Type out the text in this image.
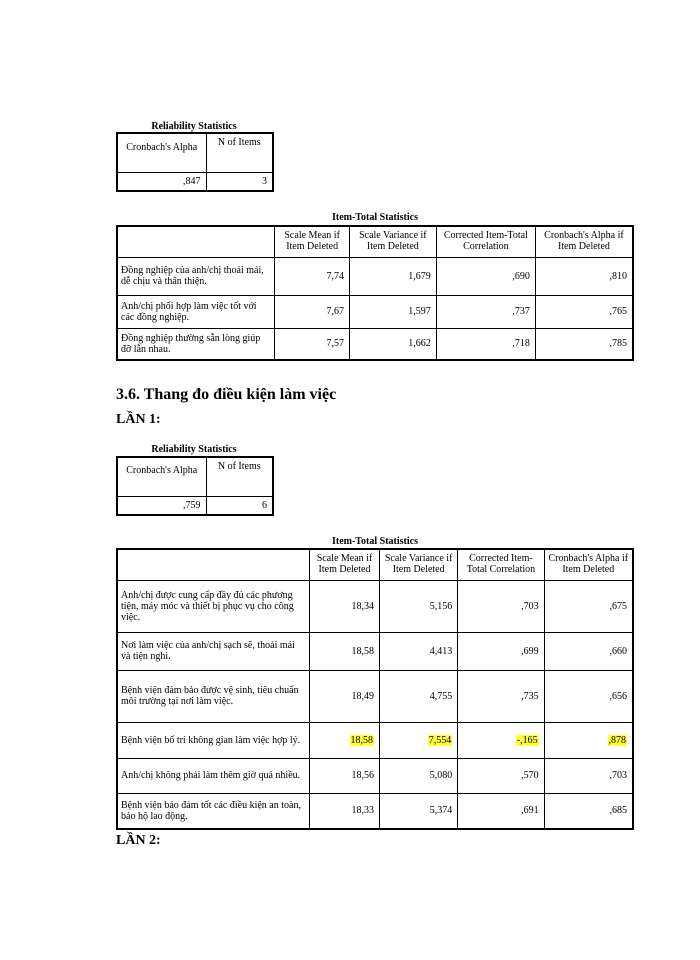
Reliability Statistics
Cronbach's Alpha	N of Items
,847	3
Item-Total Statistics
	Scale Mean if Item Deleted	Scale Variance if Item Deleted	Corrected Item-Total Correlation	Cronbach's Alpha if Item Deleted
Đồng nghiệp của anh/chị thoải mái, dễ chịu và thân thiện.	7,74	1,679	,690	,810
Anh/chị phối hợp làm việc tốt với các đồng nghiệp.	7,67	1,597	,737	,765
Đồng nghiệp thường sẵn lòng giúp đỡ lẫn nhau.	7,57	1,662	,718	,785
3.6. Thang đo điều kiện làm việc
LẦN 1:
Reliability Statistics
Cronbach's Alpha	N of Items
,759	6
Item-Total Statistics
	Scale Mean if Item Deleted	Scale Variance if Item Deleted	Corrected Item-Total Correlation	Cronbach's Alpha if Item Deleted
Anh/chị được cung cấp đầy đủ các phương tiện, máy móc và thiết bị phục vụ cho công việc.	18,34	5,156	,703	,675
Nơi làm việc của anh/chị sạch sẽ, thoải mái và tiện nghi.	18,58	4,413	,699	,660
Bệnh viện đảm bảo được vệ sinh, tiêu chuẩn môi trường tại nơi làm việc.	18,49	4,755	,735	,656
Bệnh viện bố trí không gian làm việc hợp lý.	18,58	7,554	-,165	,878
Anh/chị không phải làm thêm giờ quá nhiều.	18,56	5,080	,570	,703
Bệnh viện bảo đảm tốt các điều kiện an toàn, bảo hộ lao động.	18,33	5,374	,691	,685
LẦN 2:
